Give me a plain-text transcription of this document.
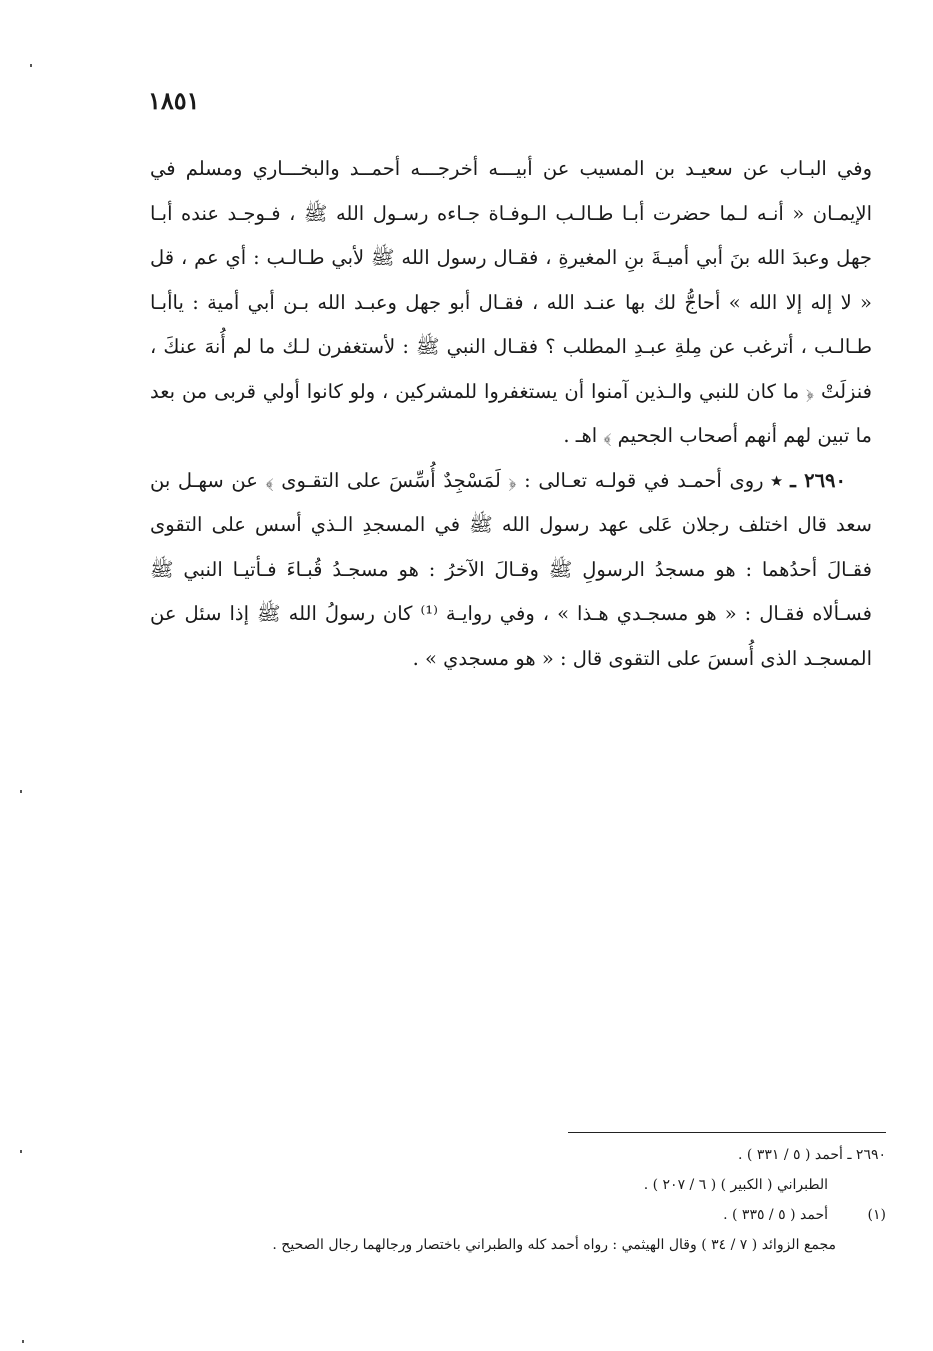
١٨٥١

وفي البـاب عن سعيـد بن المسيب عن أبيـــه أخرجـــه أحمــد والبخـــاري ومسلم في الإيمـان « أنـه لـما حضرت أبـا طـالـب الـوفـاة جـاءه رسـول الله ﷺ ، فـوجـد عنده أبـا جهل وعبدَ الله بنَ أبي أميـةَ بنِ المغيرةِ ، فقـال رسول الله ﷺ لأبي طـالـب : أي عم ، قل « لا إله إلا الله » أحاجُّ لك بها عنـد الله ، فقـال أبو جهل وعبـد الله بـن أبي أمية : ياأبـا طـالـب ، أترغب عن مِلةِ عبـدِ المطلب ؟ فقـال النبي ﷺ : لأستغفرن لـك ما لم أُنهَ عنكَ ، فنزلَتْ ﴿ ما كان للنبي والـذين آمنوا أن يستغفروا للمشركين ، ولو كانوا أولي قربى من بعد ما تبين لهم أنهم أصحاب الجحيم ﴾ اهـ .

٢٦٩٠ ـ ٭ روى أحمـد في قولـه تعـالى : ﴿ لَمَسْجِدٌ أُسِّسَ على التقـوى ﴾ عن سهـل بن سعد قال اختلف رجلان عَلى عهد رسول الله ﷺ في المسجدِ الـذي أسس على التقوى فقـالَ أحدُهما : هو مسجدُ الرسولِ ﷺ وقـالَ الآخرُ : هو مسجـدُ قُبـاءَ فـأتيـا النبي ﷺ فسـألاه فقـال : « هو مسجـدي هـذا » ، وفي روايـة ⁽¹⁾ كان رسولُ الله ﷺ إذا سئل عن المسجـد الذى أُسسَ على التقوى قال : « هو مسجدي » .

٢٦٩٠ ـ أحمد ( ٥ / ٣٣١ ) .
الطبراني ( الكبير ) ( ٦ / ٢٠٧ ) .
(١)
أحمد ( ٥ / ٣٣٥ ) .
مجمع الزوائد ( ٧ / ٣٤ ) وقال الهيثمي : رواه أحمد كله والطبراني باختصار ورجالهما رجال الصحيح .
